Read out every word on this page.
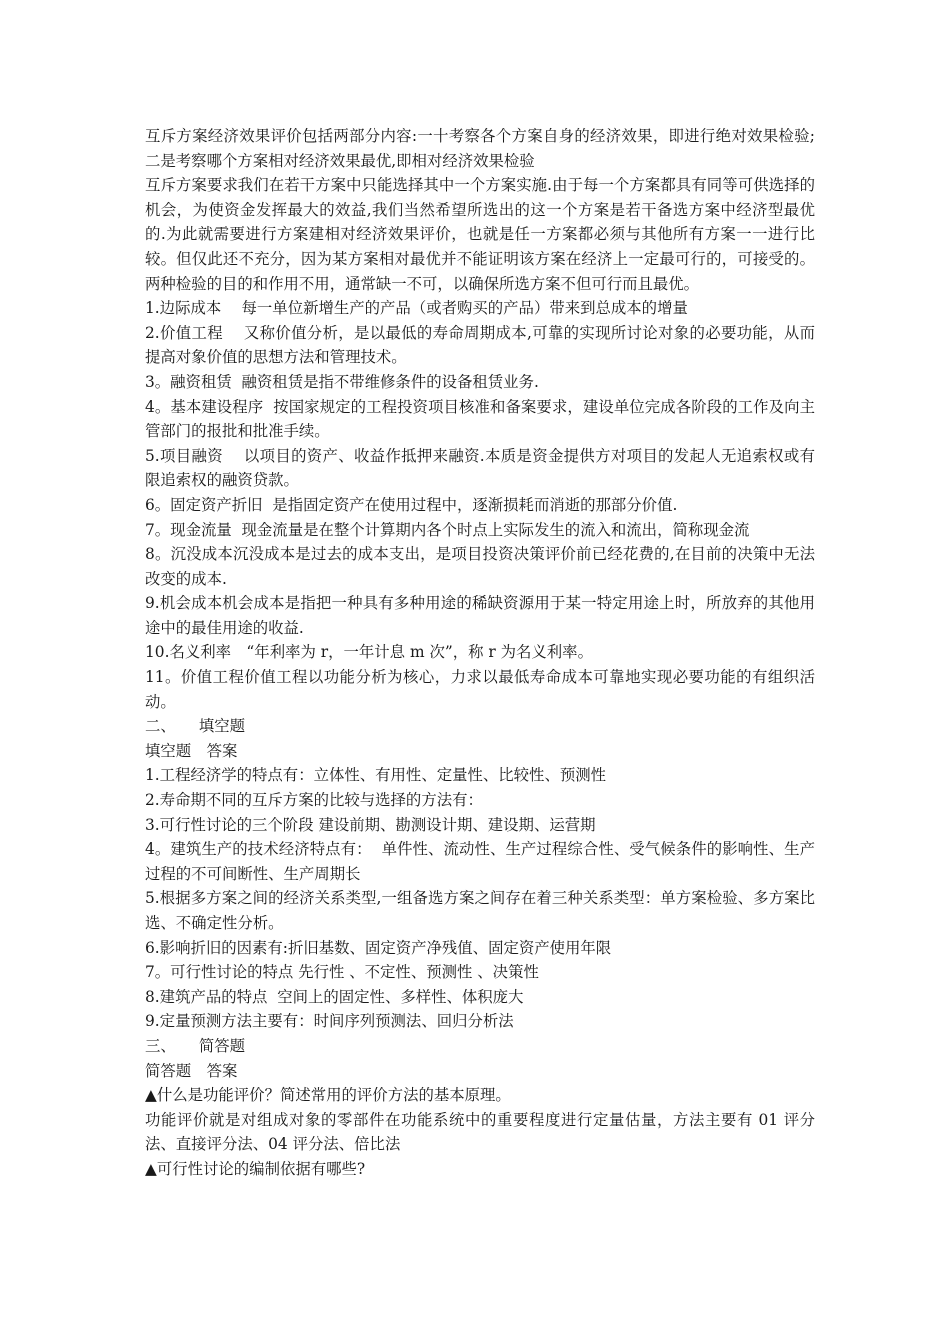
互斥方案经济效果评价包括两部分内容:一十考察各个方案自身的经济效果，即进行绝对效果检验;二是考察哪个方案相对经济效果最优,即相对经济效果检验

互斥方案要求我们在若干方案中只能选择其中一个方案实施.由于每一个方案都具有同等可供选择的机会，为使资金发挥最大的效益,我们当然希望所选出的这一个方案是若干备选方案中经济型最优的.为此就需要进行方案建相对经济效果评价，也就是任一方案都必须与其他所有方案一一进行比较。但仅此还不充分，因为某方案相对最优并不能证明该方案在经济上一定最可行的，可接受的。两种检验的目的和作用不用，通常缺一不可，以确保所选方案不但可行而且最优。

1.边际成本　 每一单位新增生产的产品（或者购买的产品）带来到总成本的增量

2.价值工程　 又称价值分析，是以最低的寿命周期成本,可靠的实现所讨论对象的必要功能，从而提高对象价值的思想方法和管理技术。

3。融资租赁  融资租赁是指不带维修条件的设备租赁业务.

4。基本建设程序  按国家规定的工程投资项目核准和备案要求，建设单位完成各阶段的工作及向主管部门的报批和批准手续。

5.项目融资　 以项目的资产、收益作抵押来融资.本质是资金提供方对项目的发起人无追索权或有限追索权的融资贷款。

6。固定资产折旧  是指固定资产在使用过程中，逐渐损耗而消逝的那部分价值.

7。现金流量  现金流量是在整个计算期内各个时点上实际发生的流入和流出，简称现金流

8。沉没成本沉没成本是过去的成本支出，是项目投资决策评价前已经花费的,在目前的决策中无法改变的成本.

9.机会成本机会成本是指把一种具有多种用途的稀缺资源用于某一特定用途上时，所放弃的其他用途中的最佳用途的收益.

10.名义利率　“年利率为 r，一年计息 m 次”，称 r 为名义利率。

11。价值工程价值工程以功能分析为核心，力求以最低寿命成本可靠地实现必要功能的有组织活动。

二、　　填空题

填空题　答案

1.工程经济学的特点有：立体性、有用性、定量性、比较性、预测性

2.寿命期不同的互斥方案的比较与选择的方法有：

3.可行性讨论的三个阶段 建设前期、勘测设计期、建设期、运营期

4。建筑生产的技术经济特点有：  单件性、流动性、生产过程综合性、受气候条件的影响性、生产过程的不可间断性、生产周期长

5.根据多方案之间的经济关系类型,一组备选方案之间存在着三种关系类型：单方案检验、多方案比选、不确定性分析。

6.影响折旧的因素有:折旧基数、固定资产净残值、固定资产使用年限

7。可行性讨论的特点 先行性 、不定性、预测性 、决策性

8.建筑产品的特点  空间上的固定性、多样性、体积庞大

9.定量预测方法主要有：时间序列预测法、回归分析法

三、　　简答题

简答题　答案

▲什么是功能评价？简述常用的评价方法的基本原理。

功能评价就是对组成对象的零部件在功能系统中的重要程度进行定量估量，方法主要有 01 评分法、直接评分法、04 评分法、倍比法

▲可行性讨论的编制依据有哪些?
